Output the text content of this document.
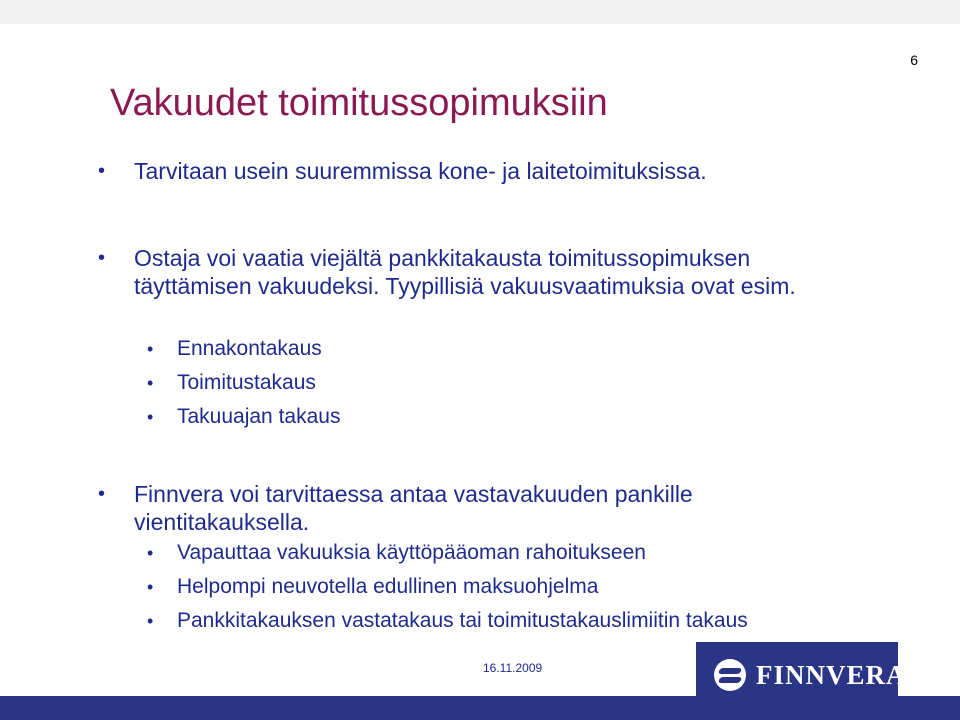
6
Vakuudet toimitussopimuksiin
• Tarvitaan usein suuremmissa kone- ja laitetoimituksissa.
• Ostaja voi vaatia viejältä pankkitakausta toimitussopimuksen täyttämisen vakuudeksi. Tyypillisiä vakuusvaatimuksia ovat esim.
• Ennakontakaus
• Toimitustakaus
• Takuuajan takaus
• Finnvera voi tarvittaessa antaa vastavakuuden pankille vientitakauksella.
• Vapauttaa vakuuksia käyttöpääoman rahoitukseen
• Helpompi neuvotella edullinen maksuohjelma
• Pankkitakauksen vastatakaus tai toimitustakauslimiitin takaus
16.11.2009	FINNVERA
